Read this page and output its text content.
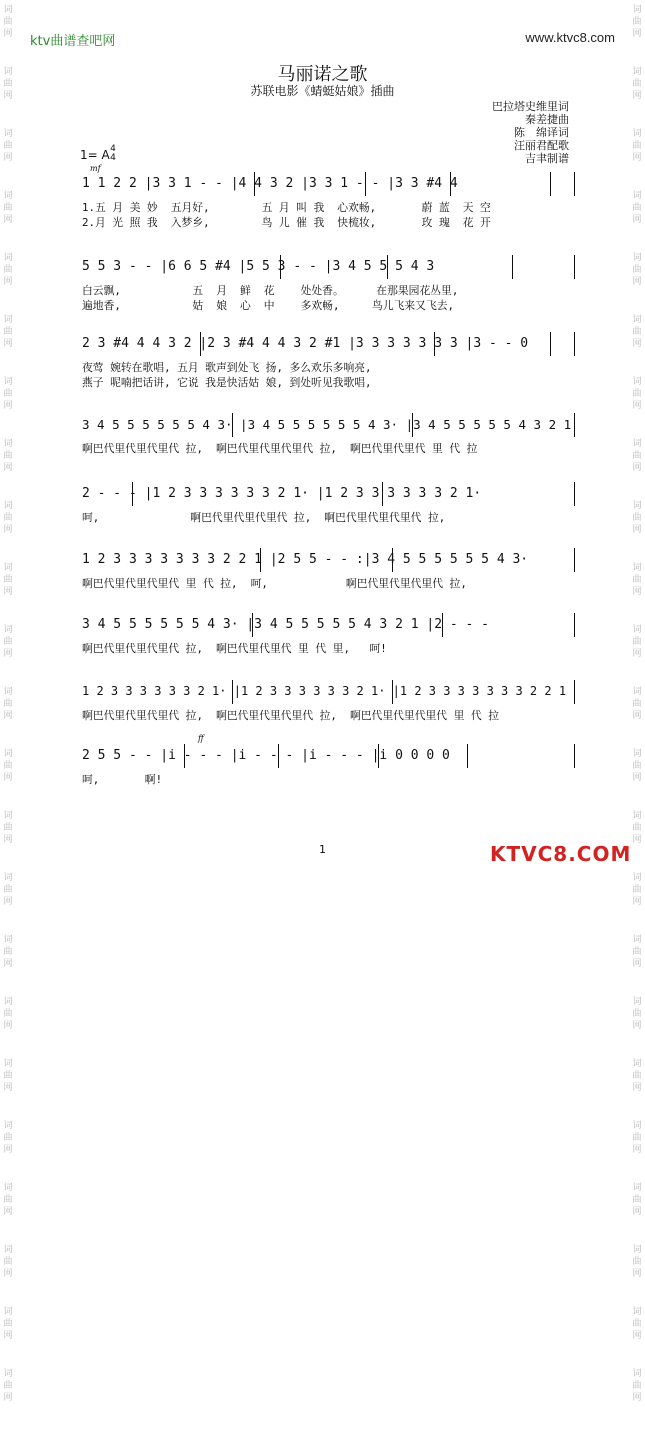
词
曲
网
词
曲
网
词
曲
网
词
曲
网
词
曲
网
词
曲
网
词
曲
网
词
曲
网
词
曲
网
词
曲
网
词
曲
网
词
曲
网
词
曲
网
词
曲
网
词
曲
网
词
曲
网
词
曲
网
词
曲
网
词
曲
网
词
曲
网
词
曲
网
词
曲
网
词
曲
网
词
曲
网
词
曲
网
词
曲
网
词
曲
网
词
曲
网
词
曲
网
词
曲
网
词
曲
网
词
曲
网
词
曲
网
词
曲
网
词
曲
网
词
曲
网
词
曲
网
词
曲
网
词
曲
网
词
曲
网
词
曲
网
词
曲
网
词
曲
网
词
曲
网
词
曲
网
词
曲
网
ktv曲谱查吧网	www.ktvc8.com
马丽诺之歌
苏联电影《蜻蜓姑娘》插曲
巴拉塔史维里词
秦差捷曲
陈　绵译词
汪丽君配歌
吉聿制谱
1= A 4
4
mf
1 1 2 2 |3 3 1 - - |4 4 3 2 |3 3 1 - - |3 3 #4 4
1.五 月 美 妙  五月好,        五 月 叫 我  心欢畅,       蔚 蓝  天 空
2.月 光 照 我  入梦乡,        鸟 儿 催 我  快梳妆,       玫 瑰  花 开
5 5 3 - - |6 6 5 #4 |5 5 3 - - |3 4 5 5 5 4 3
白云飘,           五  月  鲜  花    处处香。     在那果园花丛里,
遍地香,           姑  娘  心  中    多欢畅,     鸟儿飞来又飞去,
2 3 #4 4 4 3 2 |2 3 #4 4 4 3 2 #1 |3 3 3 3 3 3 3 |3 - - 0
夜莺 婉转在歌唱, 五月 歌声到处飞 扬, 多么欢乐多响亮,
燕子 呢喃把话讲, 它说 我是快活姑 娘, 到处听见我歌唱,
3 4 5 5 5 5 5 5 4 3· |3 4 5 5 5 5 5 5 4 3· |3 4 5 5 5 5 5 4 3 2 1
啊巴代里代里代里代 拉,  啊巴代里代里代里代 拉,  啊巴代里代里代 里 代 拉
2 - - - |1 2 3 3 3 3 3 3 2 1· |1 2 3 3 3 3 3 3 2 1·
呵,              啊巴代里代里代里代 拉,  啊巴代里代里代里代 拉,
1 2 3 3 3 3 3 3 3 2 2 1 |2 5 5 - - :|3 4 5 5 5 5 5 5 4 3·
啊巴代里代里代里代 里 代 拉,  呵,            啊巴代里代里代里代 拉,
3 4 5 5 5 5 5 5 4 3· |3 4 5 5 5 5 5 4 3 2 1 |2 - - -
啊巴代里代里代里代 拉,  啊巴代里代里代 里 代 里,   呵!
1 2 3 3 3 3 3 3 2 1· |1 2 3 3 3 3 3 3 2 1· |1 2 3 3 3 3 3 3 3 2 2 1
啊巴代里代里代里代 拉,  啊巴代里代里代里代 拉,  啊巴代里代里代里代 里 代 拉
2 5 5 - - |i - - - |i - - - |i - - - |i 0 0 0 0
呵,       啊!
ff
1	KTVC8.COM
